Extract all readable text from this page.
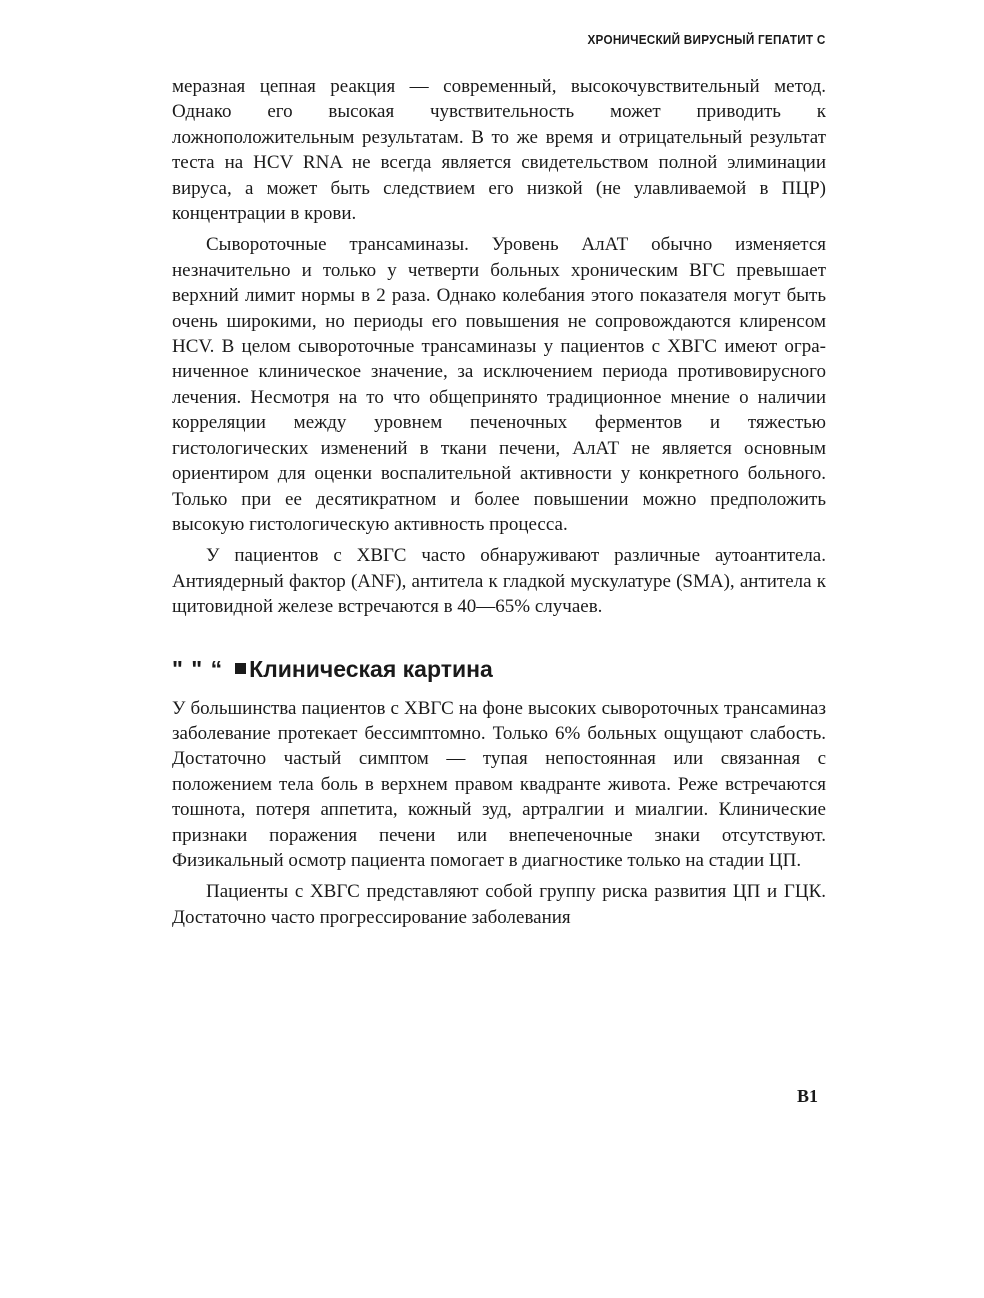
ХРОНИЧЕСКИЙ ВИРУСНЫЙ ГЕПАТИТ С

меразная цепная реакция — современный, высокочувствительный метод. Однако его высокая чувствительность может приводить к ложноположительным результатам. В то же время и отрицательный результат теста на HCV RNA не всегда является свидетельством полной элиминации вируса, а может быть следствием его низкой (не улавливаемой в ПЦР) концентрации в крови.

Сывороточные трансаминазы. Уровень АлАТ обычно изменяется незначительно и только у четверти больных хроническим ВГС превышает верхний лимит нормы в 2 раза. Однако колебания этого показателя могут быть очень широкими, но периоды его повышения не сопровождаются клиренсом HCV. В целом сывороточные трансаминазы у пациентов с ХВГС имеют ограниченное клиническое значение, за исключением периода противовирусного лечения. Несмотря на то что общепринято традиционное мнение о наличии корреляции между уровнем печеночных ферментов и тяжестью гистологических изменений в ткани печени, АлАТ не является основным ориентиром для оценки воспалительной активности у конкретного больного. Только при ее десятикратном и более повышении можно предположить высокую гистологическую активность процесса.

У пациентов с ХВГС часто обнаруживают различные аутоантитела. Антиядерный фактор (ANF), антитела к гладкой мускулатуре (SMA), антитела к щитовидной железе встречаются в 40—65% случаев.

" " “ Клиническая картина

У большинства пациентов с ХВГС на фоне высоких сывороточных трансаминаз заболевание протекает бессимптомно. Только 6% больных ощущают слабость. Достаточно частый симптом — тупая непостоянная или связанная с положением тела боль в верхнем правом квадранте живота. Реже встречаются тошнота, потеря аппетита, кожный зуд, артралгии и миалгии. Клинические признаки поражения печени или внепеченочные знаки отсутствуют. Физикальный осмотр пациента помогает в диагностике только на стадии ЦП.

Пациенты с ХВГС представляют собой группу риска развития ЦП и ГЦК. Достаточно часто прогрессирование заболевания

В1
